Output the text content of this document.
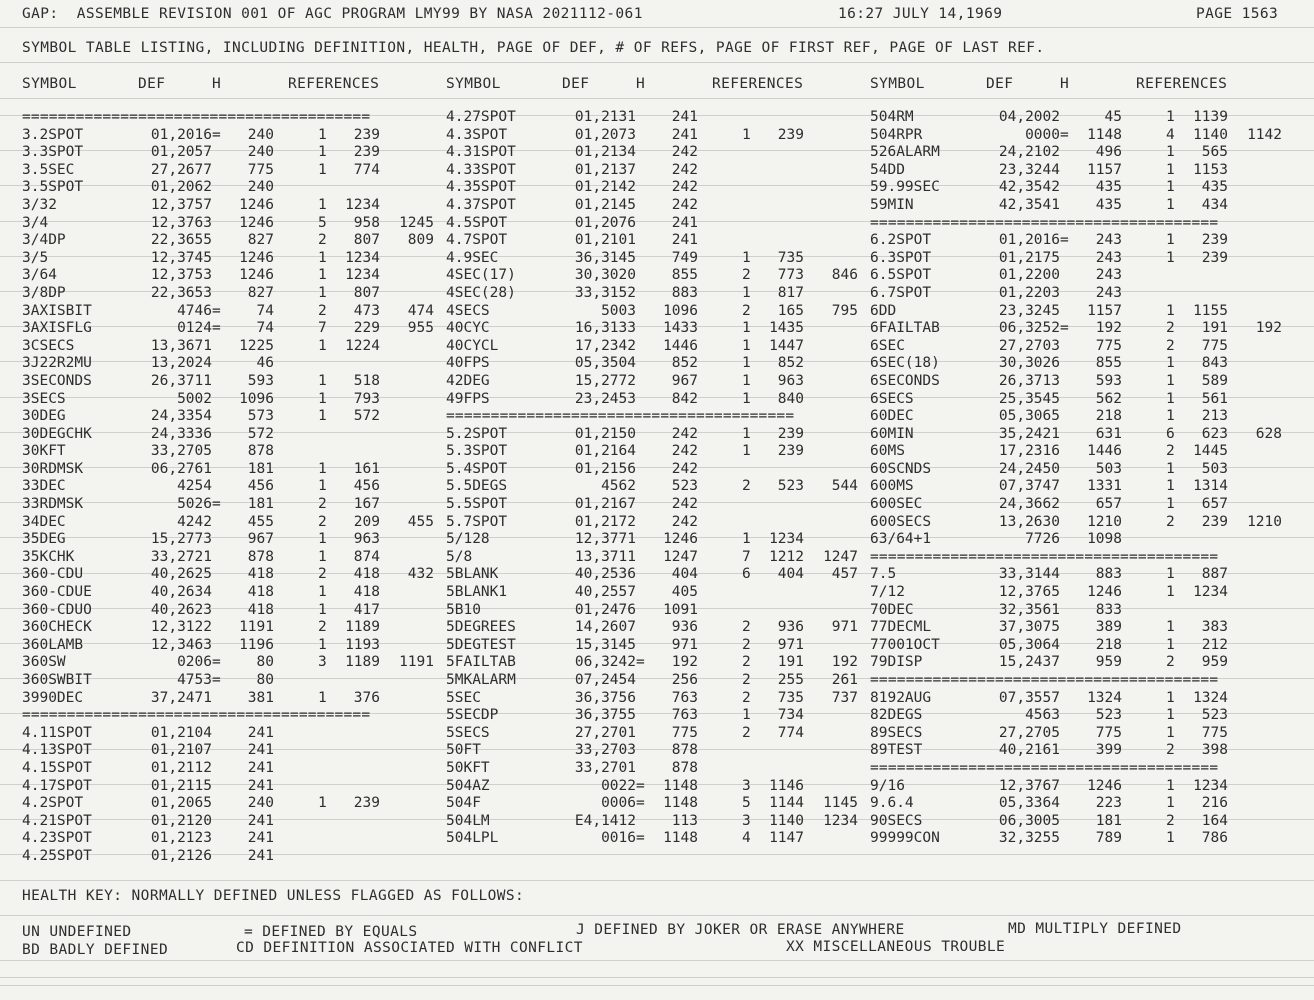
GAP:  ASSEMBLE REVISION 001 OF AGC PROGRAM LMY99 BY NASA 2021112-061	16:27 JULY 14,1969	PAGE 1563
SYMBOL TABLE LISTING, INCLUDING DEFINITION, HEALTH, PAGE OF DEF, # OF REFS, PAGE OF FIRST REF, PAGE OF LAST REF.
SYMBOL	DEF	H	REFERENCES	SYMBOL	DEF	H	REFERENCES	SYMBOL	DEF	H	REFERENCES
=======================================
3.2SPOT	01,2016 = 240	1 239
3.3SPOT	01,2057 240	1 239
3.5SEC	27,2677 775	1 774
3.5SPOT	01,2062 240
3/32	12,3757 1246	1 1234
3/4	12,3763 1246	5 958 1245
3/4DP	22,3655 827	2 807 809
3/5	12,3745 1246	1 1234
3/64	12,3753 1246	1 1234
3/8DP	22,3653 827	1 807
3AXISBIT	4746 = 74	2 473 474
3AXISFLG	0124 = 74	7 229 955
3CSECS	13,3671 1225	1 1224
3J22R2MU	13,2024	46
3SECONDS	26,3711 593	1 518
3SECS	5002 1096	1 793
30DEG	24,3354 573	1 572
30DEGCHK	24,3336 572
30KFT	33,2705 878
30RDMSK	06,2761 181	1 161
33DEC	4254 456	1 456
33RDMSK	5026 = 181	2 167
34DEC	4242 455	2 209 455
35DEG	15,2773 967	1 963
35KCHK	33,2721 878	1 874
360-CDU	40,2625 418	2 418 432
360-CDUE	40,2634 418	1 418
360-CDUO	40,2623 418	1 417
360CHECK	12,3122 1191	2 1189
360LAMB	12,3463 1196	1 1193
360SW	0206 = 80	3 1189 1191
360SWBIT	4753 = 80
3990DEC	37,2471 381	1 376
=======================================
4.11SPOT	01,2104 241
4.13SPOT	01,2107 241
4.15SPOT	01,2112 241
4.17SPOT	01,2115 241
4.2SPOT	01,2065 240	1 239
4.21SPOT	01,2120 241
4.23SPOT	01,2123 241
4.25SPOT	01,2126 241
4.27SPOT	01,2131 241
4.3SPOT	01,2073 241	1 239
4.31SPOT	01,2134 242
4.33SPOT	01,2137 242
4.35SPOT	01,2142 242
4.37SPOT	01,2145 242
4.5SPOT	01,2076 241
4.7SPOT	01,2101 241
4.9SEC	36,3145 749	1 735
4SEC(17)	30,3020 855	2 773 846
4SEC(28)	33,3152 883	1 817
4SECS	5003 1096	2 165 795
40CYC	16,3133 1433	1 1435
40CYCL	17,2342 1446	1 1447
40FPS	05,3504 852	1 852
42DEG	15,2772 967	1 963
49FPS	23,2453 842	1 840
=======================================
5.2SPOT	01,2150 242	1 239
5.3SPOT	01,2164 242	1 239
5.4SPOT	01,2156 242
5.5DEGS	4562 523	2 523 544
5.5SPOT	01,2167 242
5.7SPOT	01,2172 242
5/128	12,3771 1246	1 1234
5/8	13,3711 1247	7 1212 1247
5BLANK	40,2536 404	6 404 457
5BLANK1	40,2557 405
5B10	01,2476 1091
5DEGREES	14,2607 936	2 936 971
5DEGTEST	15,3145 971	2 971
5FAILTAB	06,3242 = 192	2 191 192
5MKALARM	07,2454 256	2 255 261
5SEC	36,3756 763	2 735 737
5SECDP	36,3755 763	1 734
5SECS	27,2701 775	2 774
50FT	33,2703 878
50KFT	33,2701 878
504AZ	0022 = 1148	3 1146
504F	0006 = 1148	5 1144 1145
504LM	E4,1412 113	3 1140 1234
504LPL	0016 = 1148	4 1147
504RM	04,2002	45	1 1139
504RPR	0000 = 1148	4 1140 1142
526ALARM	24,2102 496	1 565
54DD	23,3244 1157	1 1153
59.99SEC	42,3542 435	1 435
59MIN	42,3541 435	1 434
=======================================
6.2SPOT	01,2016 = 243	1 239
6.3SPOT	01,2175 243	1 239
6.5SPOT	01,2200 243
6.7SPOT	01,2203 243
6DD	23,3245 1157	1 1155
6FAILTAB	06,3252 = 192	2 191 192
6SEC	27,2703 775	2 775
6SEC(18)	30,3026 855	1 843
6SECONDS	26,3713 593	1 589
6SECS	25,3545 562	1 561
60DEC	05,3065 218	1 213
60MIN	35,2421 631	6 623 628
60MS	17,2316 1446	2 1445
60SCNDS	24,2450 503	1 503
600MS	07,3747 1331	1 1314
600SEC	24,3662 657	1 657
600SECS	13,2630 1210	2 239 1210
63/64+1	7726 1098
=======================================
7.5	33,3144 883	1 887
7/12	12,3765 1246	1 1234
70DEC	32,3561 833
77DECML	37,3075 389	1 383
77001OCT	05,3064 218	1 212
79DISP	15,2437 959	2 959
=======================================
8192AUG	07,3557 1324	1 1324
82DEGS	4563 523	1 523
89SECS	27,2705 775	1 775
89TEST	40,2161 399	2 398
=======================================
9/16	12,3767 1246	1 1234
9.6.4	05,3364 223	1 216
90SECS	06,3005 181	2 164
99999CON	32,3255 789	1 786
HEALTH KEY: NORMALLY DEFINED UNLESS FLAGGED AS FOLLOWS:
UN UNDEFINED	= DEFINED BY EQUALS	J DEFINED BY JOKER OR ERASE ANYWHERE	MD MULTIPLY DEFINED
BD BADLY DEFINED	CD DEFINITION ASSOCIATED WITH CONFLICT	XX MISCELLANEOUS TROUBLE
